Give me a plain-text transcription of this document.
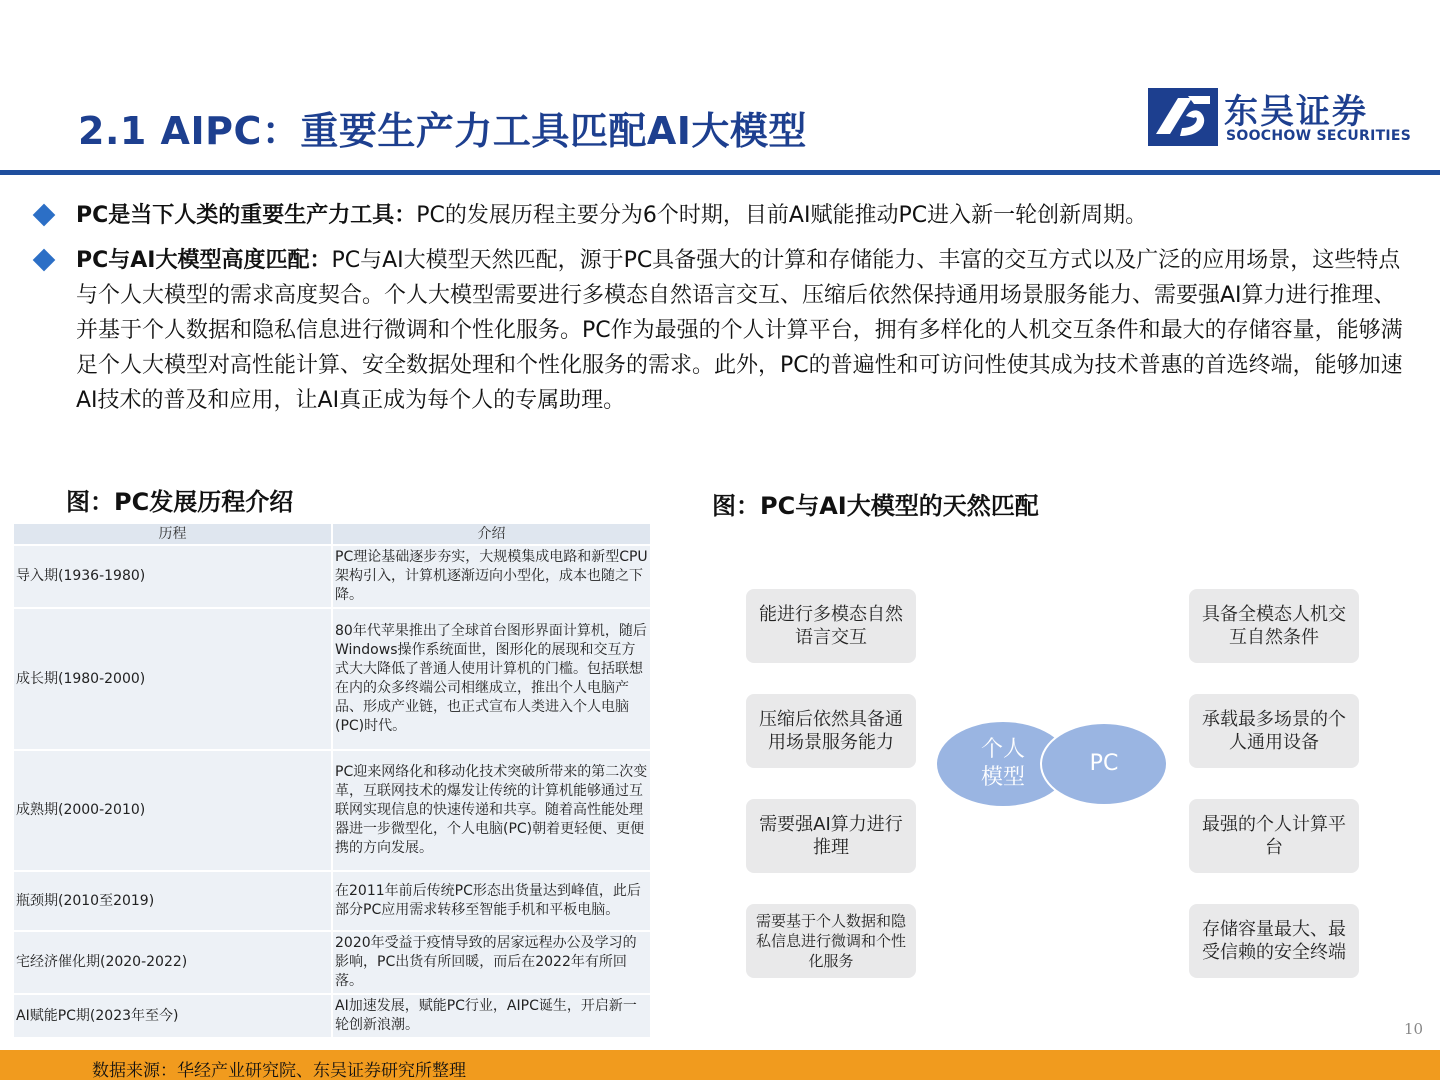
2.1 AIPC：重要生产力工具匹配AI大模型	东吴证券
SOOCHOW SECURITIES
PC是当下人类的重要生产力工具：PC的发展历程主要分为6个时期，目前AI赋能推动PC进入新一轮创新周期。
PC与AI大模型高度匹配：PC与AI大模型天然匹配，源于PC具备强大的计算和存储能力、丰富的交互方式以及广泛的应用场景，这些特点与个人大模型的需求高度契合。个人大模型需要进行多模态自然语言交互、压缩后依然保持通用场景服务能力、需要强AI算力进行推理、并基于个人数据和隐私信息进行微调和个性化服务。PC作为最强的个人计算平台，拥有多样化的人机交互条件和最大的存储容量，能够满足个人大模型对高性能计算、安全数据处理和个性化服务的需求。此外，PC的普遍性和可访问性使其成为技术普惠的首选终端，能够加速AI技术的普及和应用，让AI真正成为每个人的专属助理。
图：PC发展历程介绍
历程	介绍
导入期(1936-1980)	PC理论基础逐步夯实，大规模集成电路和新型CPU架构引入，计算机逐渐迈向小型化，成本也随之下降。
成长期(1980-2000)	80年代苹果推出了全球首台图形界面计算机，随后Windows操作系统面世，图形化的展现和交互方式大大降低了普通人使用计算机的门槛。包括联想在内的众多终端公司相继成立，推出个人电脑产品、形成产业链，也正式宣布人类进入个人电脑(PC)时代。
成熟期(2000-2010)	PC迎来网络化和移动化技术突破所带来的第二次变革，互联网技术的爆发让传统的计算机能够通过互联网实现信息的快速传递和共享。随着高性能处理器进一步微型化，个人电脑(PC)朝着更轻便、更便携的方向发展。
瓶颈期(2010至2019)	在2011年前后传统PC形态出货量达到峰值，此后部分PC应用需求转移至智能手机和平板电脑。
宅经济催化期(2020-2022)	2020年受益于疫情导致的居家远程办公及学习的影响，PC出货有所回暖，而后在2022年有所回落。
AI赋能PC期(2023年至今)	AI加速发展，赋能PC行业，AIPC诞生，开启新一轮创新浪潮。
图：PC与AI大模型的天然匹配
能进行多模态自然语言交互
压缩后依然具备通用场景服务能力
需要强AI算力进行推理
需要基于个人数据和隐私信息进行微调和个性化服务
具备全模态人机交互自然条件
承载最多场景的个人通用设备
最强的个人计算平台
存储容量最大、最受信赖的安全终端
个人模型
PC
10
数据来源：华经产业研究院、东吴证券研究所整理
